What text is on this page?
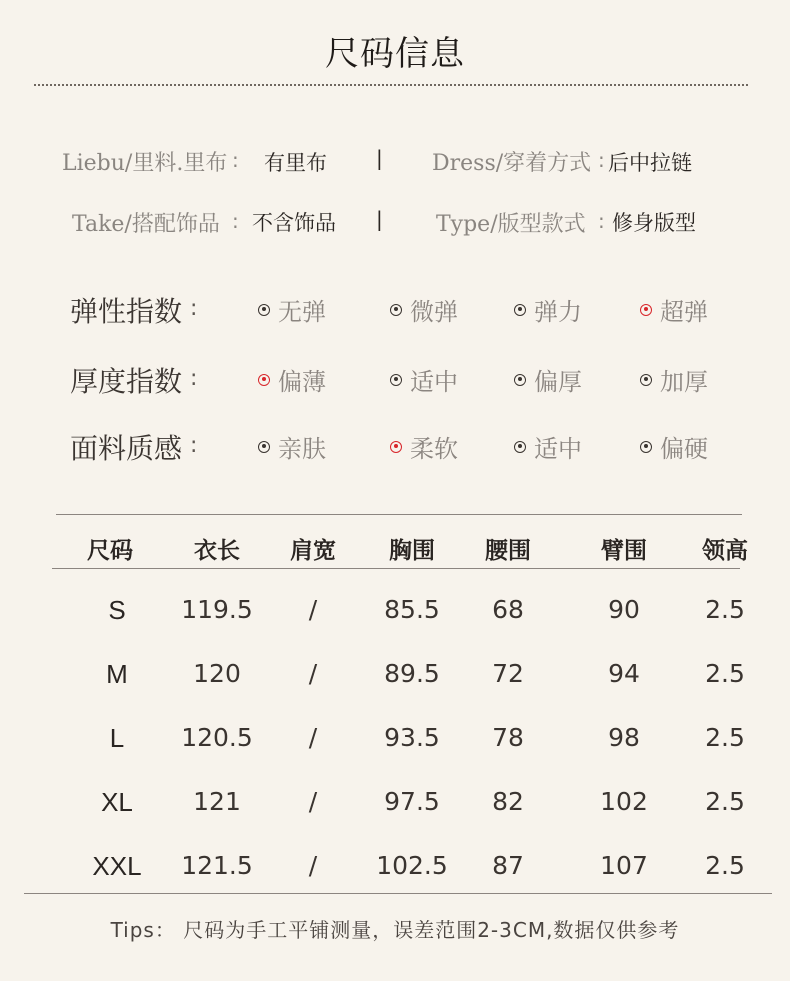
尺码信息
Liebu/里料.里布 : 有里布 | Dress/穿着方式 : 后中拉链
Take/搭配饰品 : 不含饰品 | Type/版型款式 : 修身版型
弹性指数 :	无弹	微弹	弹力	超弹
厚度指数 :	偏薄	适中	偏厚	加厚
面料质感 :	亲肤	柔软	适中	偏硬
尺码	衣长	肩宽	胸围	腰围	臂围	领高
S	119.5	/	85.5	68	90	2.5
M	120	/	89.5	72	94	2.5
L	120.5	/	93.5	78	98	2.5
XL	121	/	97.5	82	102	2.5
XXL	121.5	/	102.5	87	107	2.5
Tips： 尺码为手工平铺测量，误差范围2-3CM,数据仅供参考
